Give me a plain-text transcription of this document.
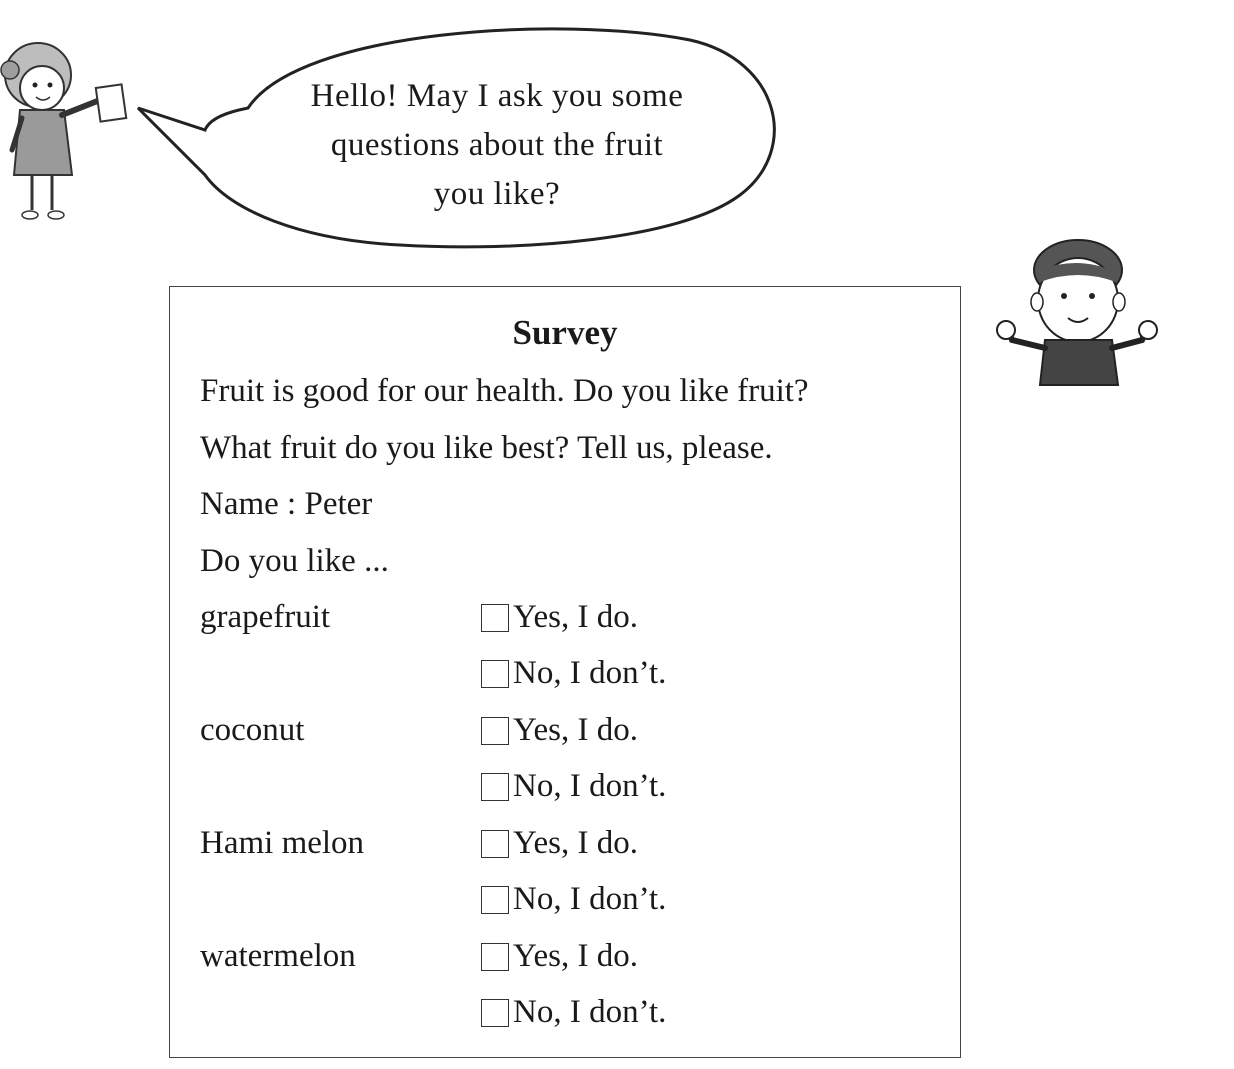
Hello! May I ask you some
questions about the fruit
you like?
Survey
Fruit is good for our health. Do you like fruit?
What fruit do you like best? Tell us, please.
Name : Peter
Do you like ...
grapefruit	Yes, I do.
No, I don’t.
coconut	Yes, I do.
No, I don’t.
Hami melon	Yes, I do.
No, I don’t.
watermelon	Yes, I do.
No, I don’t.
